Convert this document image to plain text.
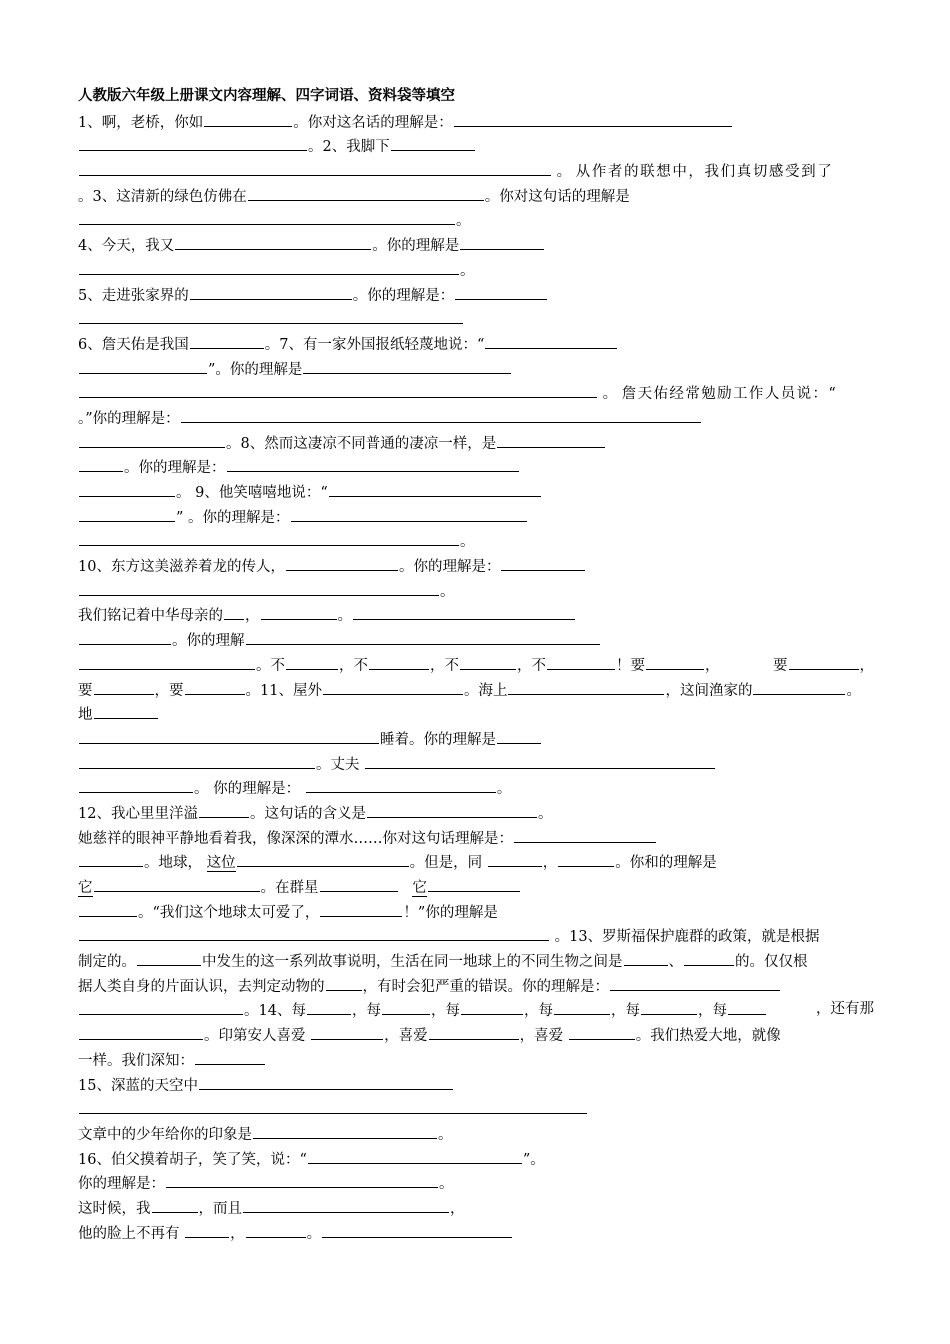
人教版六年级上册课文内容理解、四字词语、资料袋等填空
1、啊，老桥，你如	。你对这名话的理解是：
。2、我脚下
。 从作者的联想中，我们真切感受到了
。3、这清新的绿色仿佛在	。你对这句话的理解是
。
4、今天，我又	。你的理解是
。
5、走进张家界的	。你的理解是：
6、詹天佑是我国	。7、有一家外国报纸轻蔑地说：“
”。你的理解是
。 詹天佑经常勉励工作人员说：“
。”你的理解是：
。8、然而这凄凉不同普通的凄凉一样，是
。你的理解是：
。 9、他笑嘻嘻地说：“
” 。你的理解是：
。
10、东方这美滋养着龙的传人，	。你的理解是：
。
我们铭记着中华母亲的 ，	。
。你的理解
。不	，不	，不	，不	！要	，	要	，
要	，要	。11、屋外	。海上	，这间渔家的	。
地
睡着。你的理解是
。丈夫
。 你的理解是：	。
12、我心里里洋溢	。这句话的含义是	。
她慈祥的眼神平静地看着我，像深深的潭水……你对这句话理解是：
。地球， 这位	。但是，同	，	。你和的理解是
它	。在群星	它
。“我们这个地球太可爱了，	！”你的理解是
。13、罗斯福保护鹿群的政策，就是根据
制定的。	中发生的这一系列故事说明，生活在同一地球上的不同生物之间是	、	的。仅仅根
据人类自身的片面认识，去判定动物的	，有时会犯严重的错误。你的理解是：
。14、每	，每	，每	，每	，每	，每	，还有那
。印第安人喜爱	，喜爱	，喜爱	。我们热爱大地，就像
一样。我们深知：
15、深蓝的天空中
文章中的少年给你的印象是	。
16、伯父摸着胡子，笑了笑，说：“	”。
你的理解是：	。
这时候，我	，而且	，
他的脸上不再有	，	。
